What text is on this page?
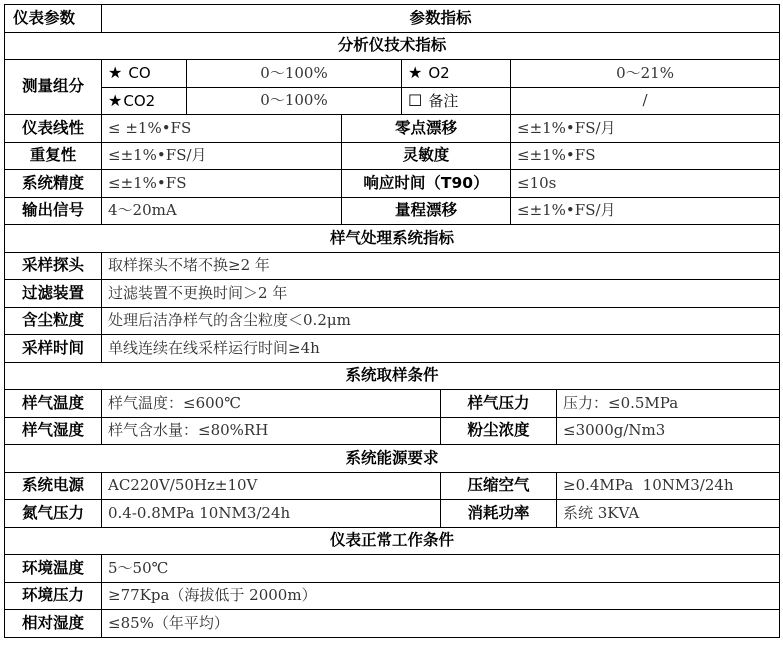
仪表参数	参数指标						
分析仪技术指标							
测量组分	★ CO	0～100%		★ O2		0～21%	
	★CO2	0～100%		☐ 备注		/	
仪表线性	≤ ±1%•FS		零点漂移			≤±1%•FS/月	
重复性	≤±1%•FS/月		灵敏度			≤±1%•FS	
系统精度	≤±1%•FS		响应时间（T90）			≤10s	
输出信号	4～20mA		量程漂移			≤±1%•FS/月	
样气处理系统指标							
采样探头	取样探头不堵不换≥2 年						
过滤装置	过滤装置不更换时间＞2 年						
含尘粒度	处理后洁净样气的含尘粒度＜0.2μm						
采样时间	单线连续在线采样运行时间≥4h						
系统取样条件							
样气温度	样气温度：≤600℃				样气压力		压力：≤0.5MPa
样气湿度	样气含水量：≤80%RH				粉尘浓度		≤3000g/Nm3
系统能源要求							
系统电源	AC220V/50Hz±10V				压缩空气		≥0.4MPa  10NM3/24h
氮气压力	0.4-0.8MPa 10NM3/24h				消耗功率		系统 3KVA
仪表正常工作条件							
环境温度	5～50℃						
环境压力	≥77Kpa（海拔低于 2000m）						
相对湿度	≤85%（年平均）						
